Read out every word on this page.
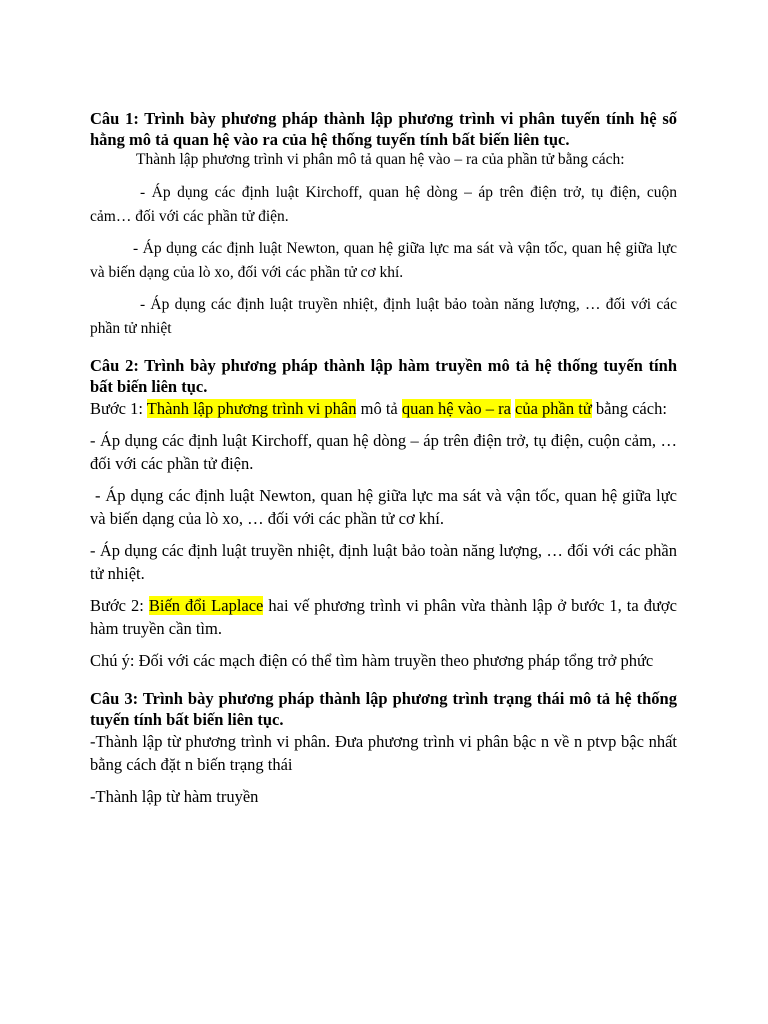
Câu 1: Trình bày phương pháp thành lập phương trình vi phân tuyến tính hệ số hằng mô tả quan hệ vào ra của hệ thống tuyến tính bất biến liên tục.

Thành lập phương trình vi phân mô tả quan hệ vào – ra của phần tử bằng cách:

- Áp dụng các định luật Kirchoff, quan hệ dòng – áp trên điện trở, tụ điện, cuộn cảm… đối với các phần tử điện.

- Áp dụng các định luật Newton, quan hệ giữa lực ma sát và vận tốc, quan hệ giữa lực và biến dạng của lò xo, đối với các phần tử cơ khí.

- Áp dụng các định luật truyền nhiệt, định luật bảo toàn năng lượng, … đối với các phần tử nhiệt

Câu 2: Trình bày phương pháp thành lập hàm truyền mô tả hệ thống tuyến tính bất biến liên tục.

Bước 1: Thành lập phương trình vi phân mô tả quan hệ vào – ra của phần tử bằng cách:

- Áp dụng các định luật Kirchoff, quan hệ dòng – áp trên điện trở, tụ điện, cuộn cảm, … đối với các phần tử điện.

- Áp dụng các định luật Newton, quan hệ giữa lực ma sát và vận tốc, quan hệ giữa lực và biến dạng của lò xo, … đối với các phần tử cơ khí.

- Áp dụng các định luật truyền nhiệt, định luật bảo toàn năng lượng, … đối với các phần tử nhiệt.

Bước 2: Biến đổi Laplace hai vế phương trình vi phân vừa thành lập ở bước 1, ta được hàm truyền cần tìm.

Chú ý: Đối với các mạch điện có thể tìm hàm truyền theo phương pháp tổng trở phức

Câu 3: Trình bày phương pháp thành lập phương trình trạng thái mô tả hệ thống tuyến tính bất biến liên tục.

-Thành lập từ phương trình vi phân. Đưa phương trình vi phân bậc n về n ptvp bậc nhất bằng cách đặt n biến trạng thái

-Thành lập từ hàm truyền
